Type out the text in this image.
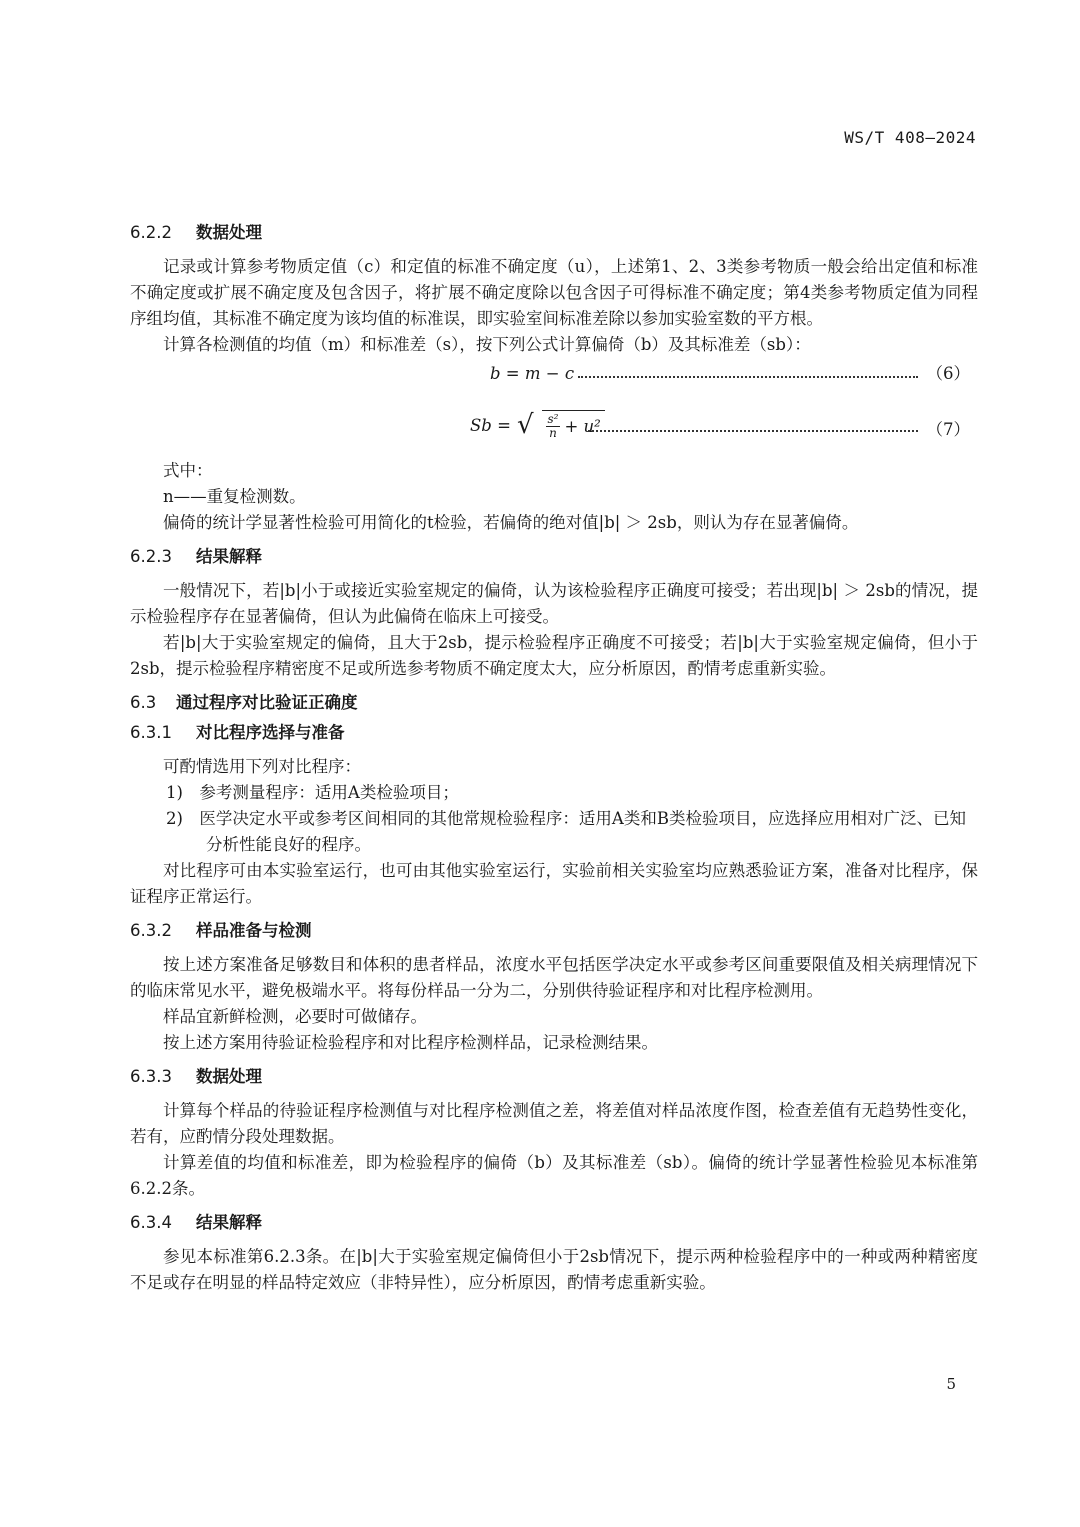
WS/T 408—2024
6.2.2 数据处理

记录或计算参考物质定值（c）和定值的标准不确定度（u），上述第1、2、3类参考物质一般会给出定值和标准不确定度或扩展不确定度及包含因子，将扩展不确定度除以包含因子可得标准不确定度；第4类参考物质定值为同程序组均值，其标准不确定度为该均值的标准误，即实验室间标准差除以参加实验室数的平方根。

计算各检测值的均值（m）和标准差（s），按下列公式计算偏倚（b）及其标准差（sb）：

b = m − c	（6）
Sb = √ $\frac{\text{s²}}{n} + u^2$	（7）

式中：

n——重复检测数。

偏倚的统计学显著性检验可用简化的t检验，若偏倚的绝对值|b| ＞ 2sb，则认为存在显著偏倚。

6.2.3 结果解释

一般情况下，若|b|小于或接近实验室规定的偏倚，认为该检验程序正确度可接受；若出现|b| ＞ 2sb的情况，提示检验程序存在显著偏倚，但认为此偏倚在临床上可接受。

若|b|大于实验室规定的偏倚，且大于2sb，提示检验程序正确度不可接受；若|b|大于实验室规定偏倚，但小于2sb，提示检验程序精密度不足或所选参考物质不确定度太大，应分析原因，酌情考虑重新实验。

6.3 通过程序对比验证正确度
6.3.1 对比程序选择与准备

可酌情选用下列对比程序：

1)　参考测量程序：适用A类检验项目；

2)　医学决定水平或参考区间相同的其他常规检验程序：适用A类和B类检验项目，应选择应用相对广泛、已知分析性能良好的程序。

对比程序可由本实验室运行，也可由其他实验室运行，实验前相关实验室均应熟悉验证方案，准备对比程序，保证程序正常运行。

6.3.2 样品准备与检测

按上述方案准备足够数目和体积的患者样品，浓度水平包括医学决定水平或参考区间重要限值及相关病理情况下的临床常见水平，避免极端水平。将每份样品一分为二，分别供待验证程序和对比程序检测用。

样品宜新鲜检测，必要时可做储存。

按上述方案用待验证检验程序和对比程序检测样品，记录检测结果。

6.3.3 数据处理

计算每个样品的待验证程序检测值与对比程序检测值之差，将差值对样品浓度作图，检查差值有无趋势性变化，若有，应酌情分段处理数据。

计算差值的均值和标准差，即为检验程序的偏倚（b）及其标准差（sb）。偏倚的统计学显著性检验见本标准第6.2.2条。

6.3.4 结果解释

参见本标准第6.2.3条。在|b|大于实验室规定偏倚但小于2sb情况下，提示两种检验程序中的一种或两种精密度不足或存在明显的样品特定效应（非特异性），应分析原因，酌情考虑重新实验。

5
